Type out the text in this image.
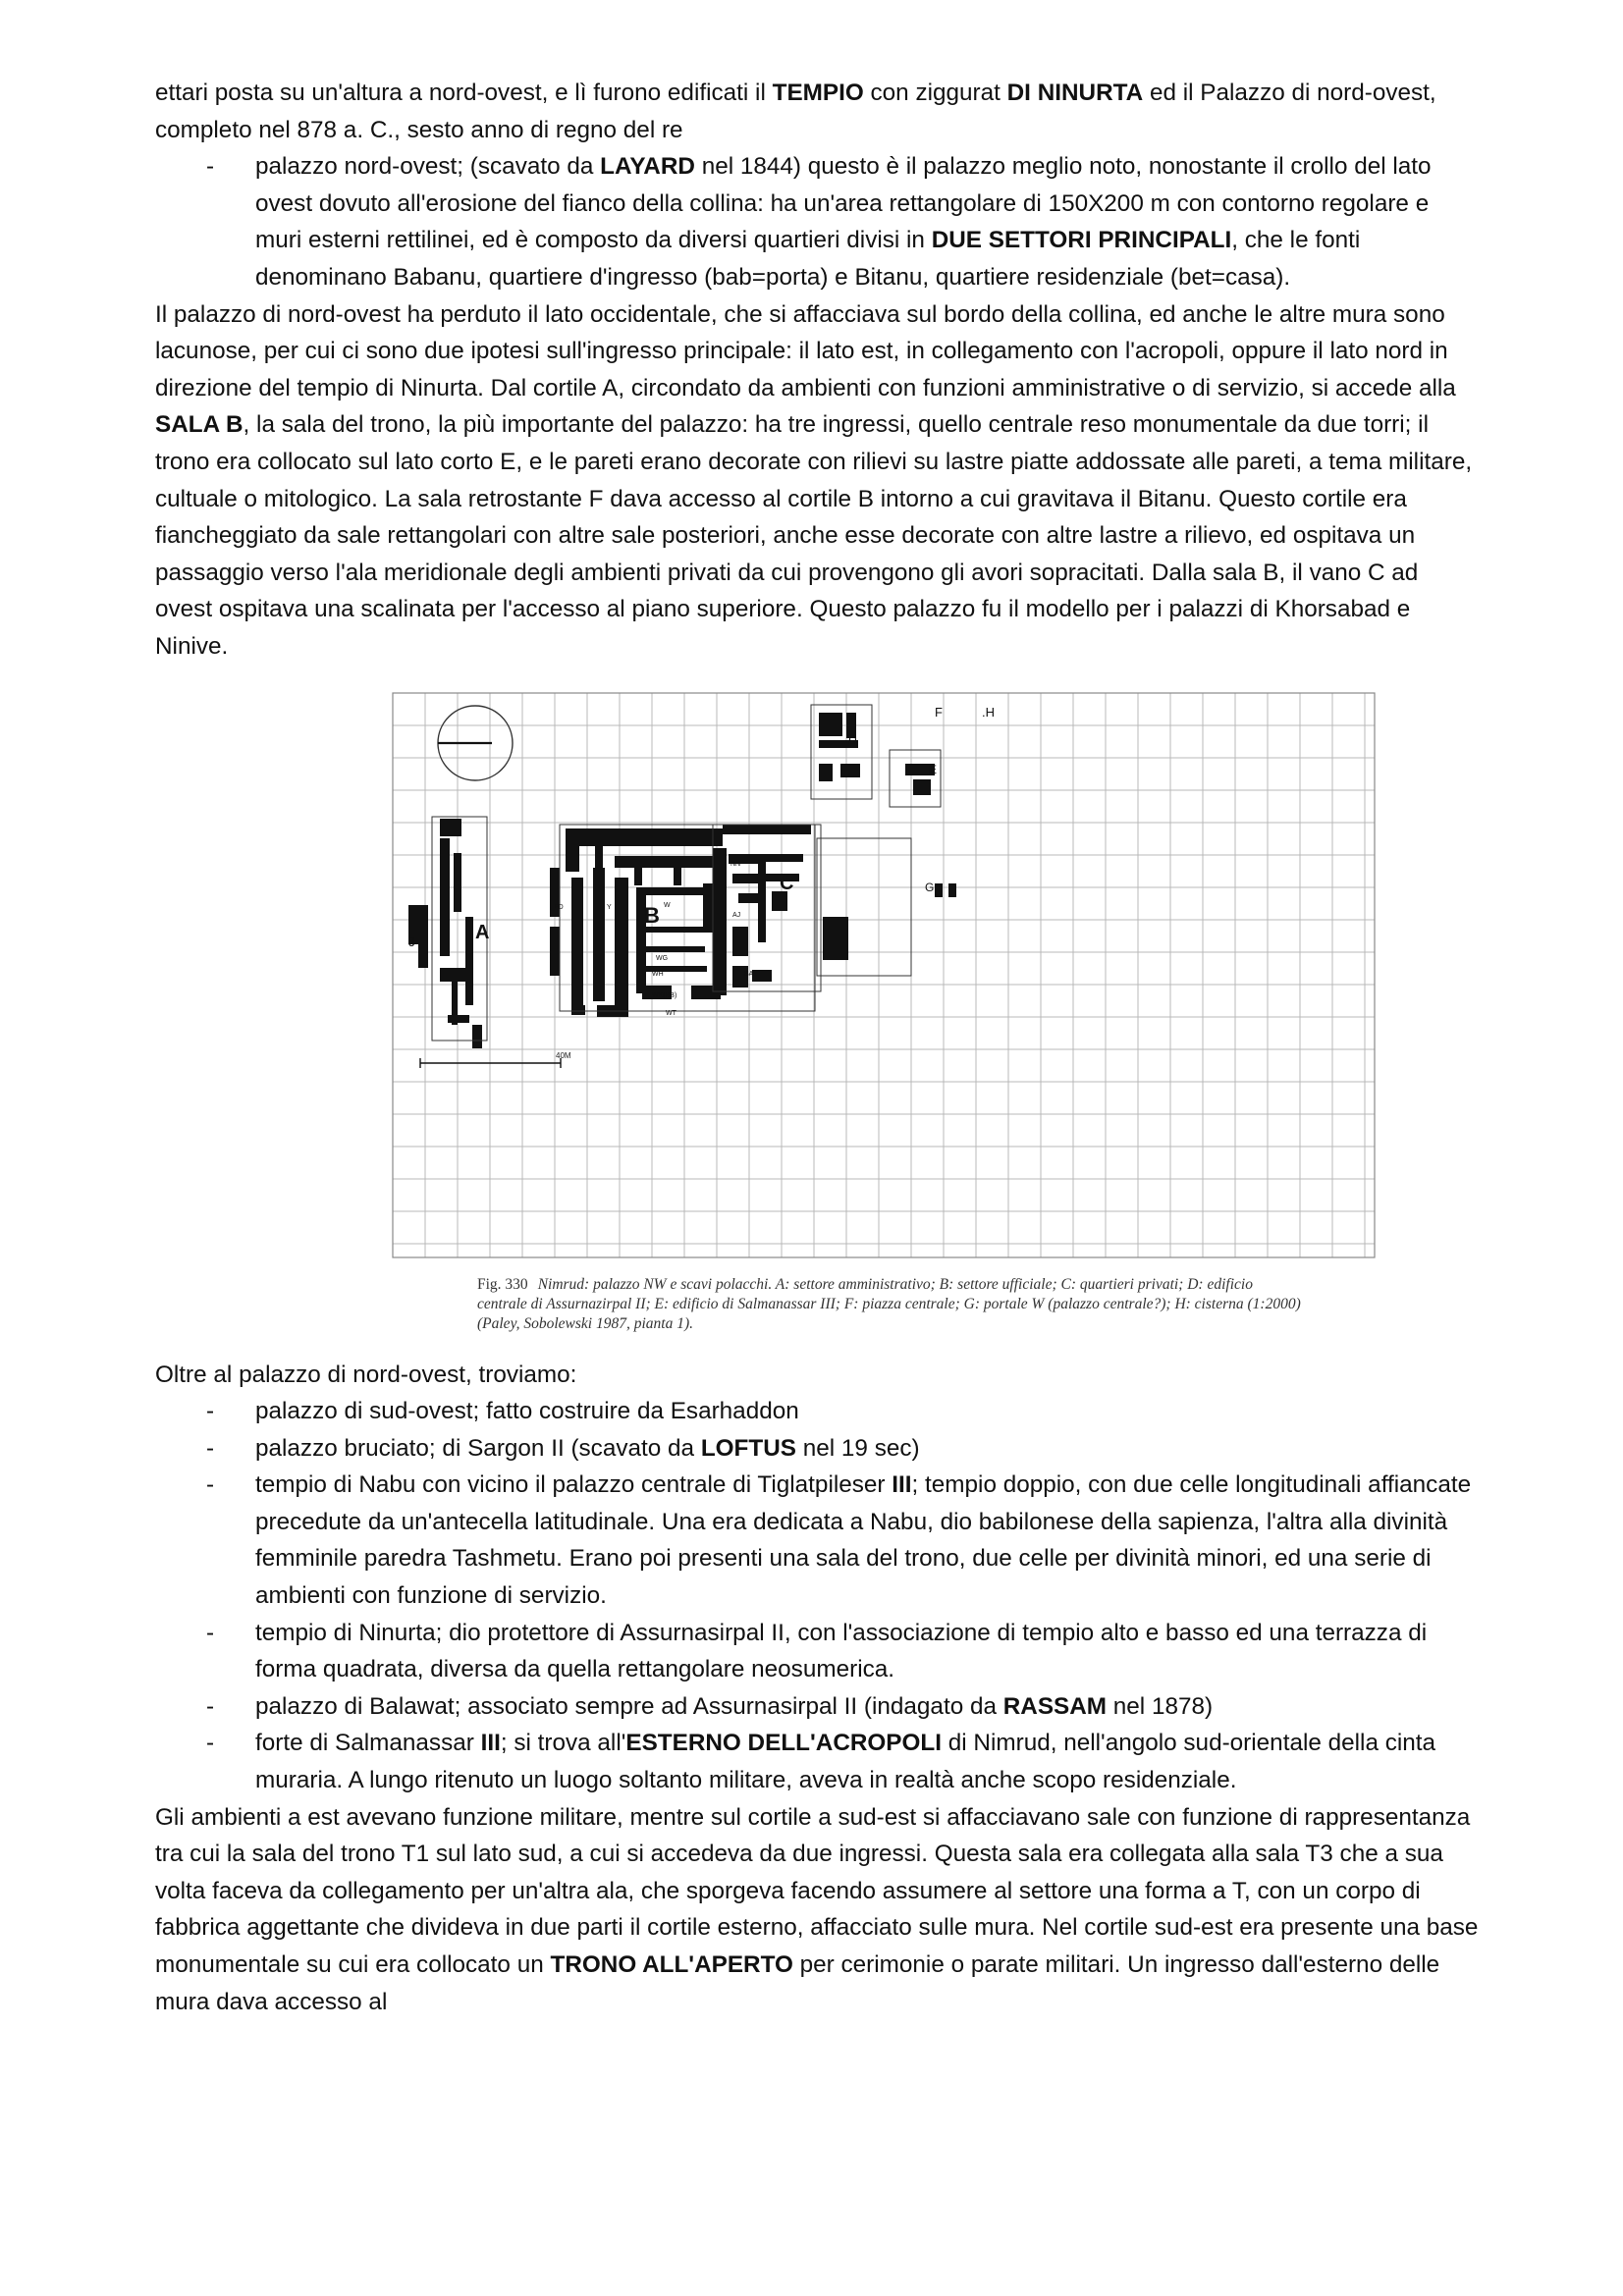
ettari posta su un'altura a nord-ovest, e lì furono edificati il TEMPIO con ziggurat DI NINURTA ed il Palazzo di nord-ovest, completo nel 878 a. C., sesto anno di regno del re

- palazzo nord-ovest; (scavato da LAYARD nel 1844) questo è il palazzo meglio noto, nonostante il crollo del lato ovest dovuto all'erosione del fianco della collina: ha un'area rettangolare di 150X200 m con contorno regolare e muri esterni rettilinei, ed è composto da diversi quartieri divisi in DUE SETTORI PRINCIPALI, che le fonti denominano Babanu, quartiere d'ingresso (bab=porta) e Bitanu, quartiere residenziale (bet=casa).

Il palazzo di nord-ovest ha perduto il lato occidentale, che si affacciava sul bordo della collina, ed anche le altre mura sono lacunose, per cui ci sono due ipotesi sull'ingresso principale: il lato est, in collegamento con l'acropoli, oppure il lato nord in direzione del tempio di Ninurta. Dal cortile A, circondato da ambienti con funzioni amministrative o di servizio, si accede alla SALA B, la sala del trono, la più importante del palazzo: ha tre ingressi, quello centrale reso monumentale da due torri; il trono era collocato sul lato corto E, e le pareti erano decorate con rilievi su lastre piatte addossate alle pareti, a tema militare, cultuale o mitologico. La sala retrostante F dava accesso al cortile B intorno a cui gravitava il Bitanu. Questo cortile era fiancheggiato da sale rettangolari con altre sale posteriori, anche esse decorate con altre lastre a rilievo, ed ospitava un passaggio verso l'ala meridionale degli ambienti privati da cui provengono gli avori sopracitati. Dalla sala B, il vano C ad ovest ospitava una scalinata per l'accesso al piano superiore. Questo palazzo fu il modello per i palazzi di Khorsabad e Ninive.

40M
A
B
C
D
E
F	.H
G
J
WG
WH
WK(BB)
WT
AJ
SA
ED	Y	W
NN
Fig. 330 Nimrud: palazzo NW e scavi polacchi. A: settore amministrativo; B: settore ufficiale; C: quartieri privati; D: edificio centrale di Assurnazirpal II; E: edificio di Salmanassar III; F: piazza centrale; G: portale W (palazzo centrale?); H: cisterna (1:2000) (Paley, Sobolewski 1987, pianta 1).

Oltre al palazzo di nord-ovest, troviamo:

- palazzo di sud-ovest; fatto costruire da Esarhaddon
- palazzo bruciato; di Sargon II (scavato da LOFTUS nel 19 sec)
- tempio di Nabu con vicino il palazzo centrale di Tiglatpileser III; tempio doppio, con due celle longitudinali affiancate precedute da un'antecella latitudinale. Una era dedicata a Nabu, dio babilonese della sapienza, l'altra alla divinità femminile paredra Tashmetu. Erano poi presenti una sala del trono, due celle per divinità minori, ed una serie di ambienti con funzione di servizio.
- tempio di Ninurta; dio protettore di Assurnasirpal II, con l'associazione di tempio alto e basso ed una terrazza di forma quadrata, diversa da quella rettangolare neosumerica.
- palazzo di Balawat; associato sempre ad Assurnasirpal II (indagato da RASSAM nel 1878)
- forte di Salmanassar III; si trova all'ESTERNO DELL'ACROPOLI di Nimrud, nell'angolo sud-orientale della cinta muraria. A lungo ritenuto un luogo soltanto militare, aveva in realtà anche scopo residenziale.

Gli ambienti a est avevano funzione militare, mentre sul cortile a sud-est si affacciavano sale con funzione di rappresentanza tra cui la sala del trono T1 sul lato sud, a cui si accedeva da due ingressi. Questa sala era collegata alla sala T3 che a sua volta faceva da collegamento per un'altra ala, che sporgeva facendo assumere al settore una forma a T, con un corpo di fabbrica aggettante che divideva in due parti il cortile esterno, affacciato sulle mura. Nel cortile sud-est era presente una base monumentale su cui era collocato un TRONO ALL'APERTO per cerimonie o parate militari. Un ingresso dall'esterno delle mura dava accesso al
